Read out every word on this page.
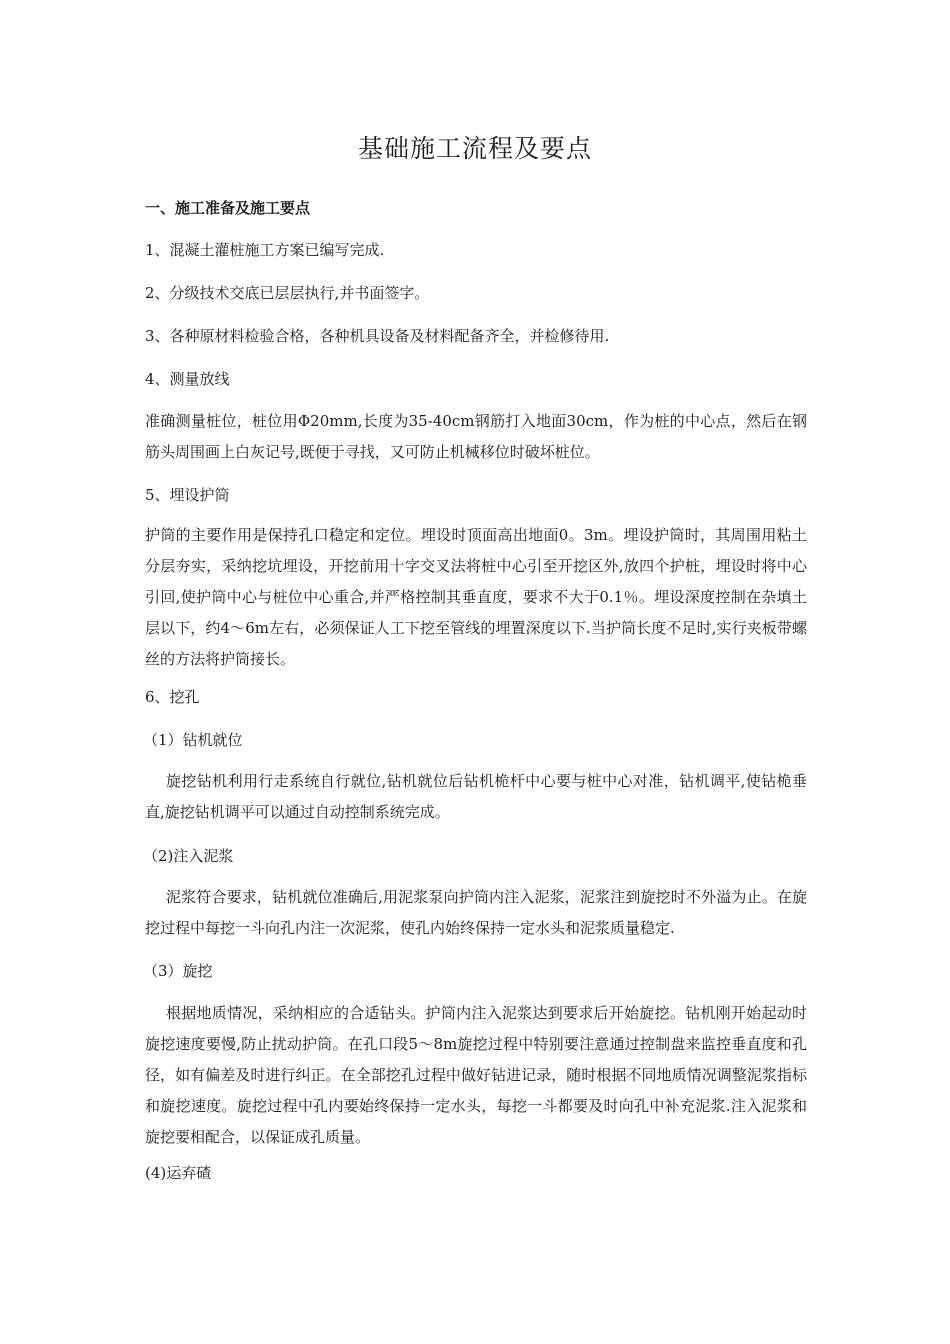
基础施工流程及要点
一、施工准备及施工要点
1、混凝土灌桩施工方案已编写完成.
2、分级技术交底已层层执行,并书面签字。
3、各种原材料检验合格，各种机具设备及材料配备齐全，并检修待用.
4、测量放线
准确测量桩位，桩位用Φ20mm,长度为35-40cm钢筋打入地面30cm，作为桩的中心点，然后在钢筋头周围画上白灰记号,既便于寻找，又可防止机械移位时破坏桩位。
5、埋设护筒
护筒的主要作用是保持孔口稳定和定位。埋设时顶面高出地面0。3m。埋设护筒时，其周围用粘土分层夯实，采纳挖坑埋设，开挖前用十字交叉法将桩中心引至开挖区外,放四个护桩，埋设时将中心引回,使护筒中心与桩位中心重合,并严格控制其垂直度，要求不大于0.1％。埋设深度控制在杂填土层以下，约4～6m左右，必须保证人工下挖至管线的埋置深度以下.当护筒长度不足时,实行夹板带螺丝的方法将护筒接长。
6、挖孔
（1）钻机就位
旋挖钻机利用行走系统自行就位,钻机就位后钻机桅杆中心要与桩中心对准，钻机调平,使钻桅垂直,旋挖钻机调平可以通过自动控制系统完成。
（2)注入泥浆
泥浆符合要求，钻机就位准确后,用泥浆泵向护筒内注入泥浆，泥浆注到旋挖时不外溢为止。在旋挖过程中每挖一斗向孔内注一次泥浆，使孔内始终保持一定水头和泥浆质量稳定.
（3）旋挖
根据地质情况，采纳相应的合适钻头。护筒内注入泥浆达到要求后开始旋挖。钻机刚开始起动时旋挖速度要慢,防止扰动护筒。在孔口段5～8m旋挖过程中特别要注意通过控制盘来监控垂直度和孔径，如有偏差及时进行纠正。在全部挖孔过程中做好钻进记录，随时根据不同地质情况调整泥浆指标和旋挖速度。旋挖过程中孔内要始终保持一定水头，每挖一斗都要及时向孔中补充泥浆.注入泥浆和旋挖要相配合，以保证成孔质量。
(4)运弃碴
